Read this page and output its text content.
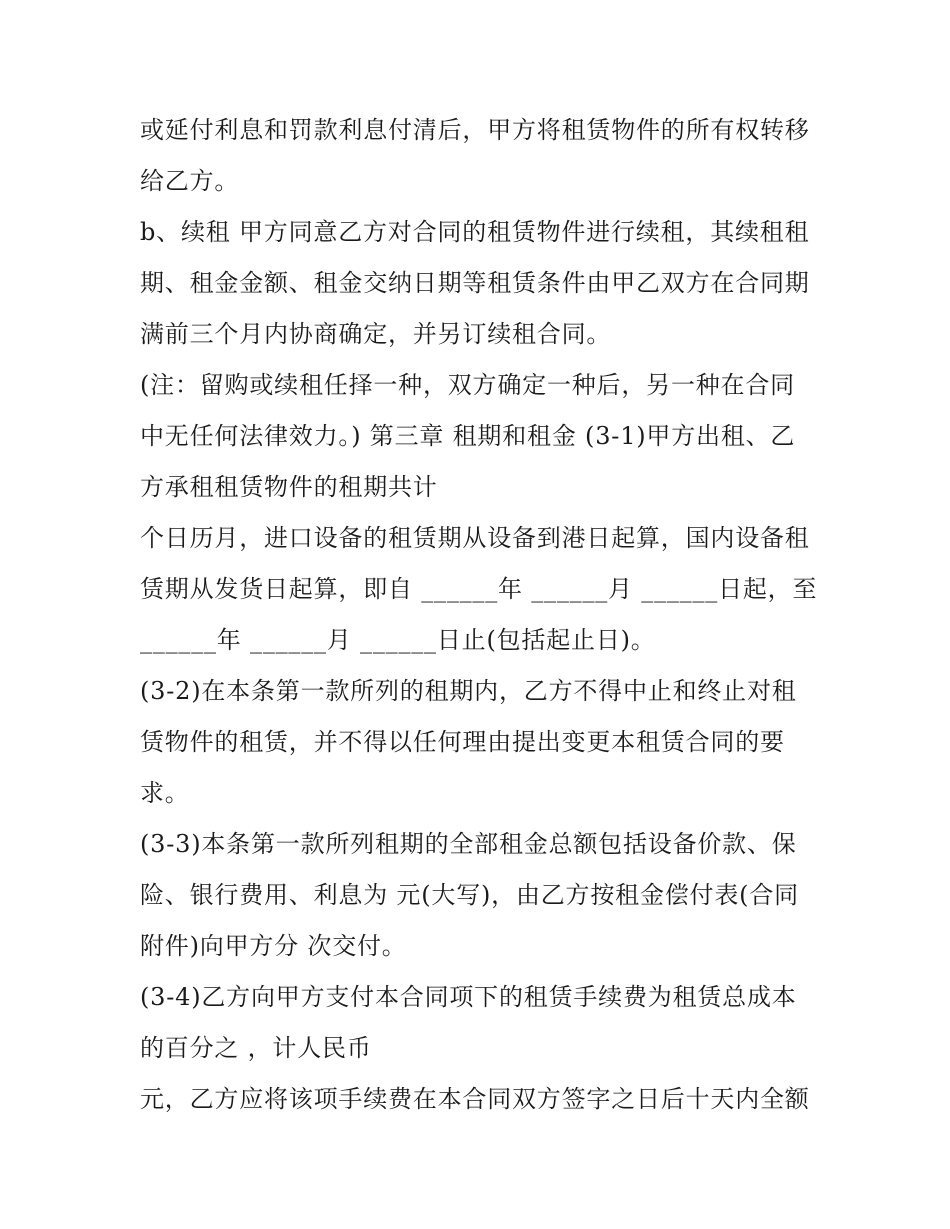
或延付利息和罚款利息付清后，甲方将租赁物件的所有权转移
给乙方。
b、续租 甲方同意乙方对合同的租赁物件进行续租，其续租租
期、租金金额、租金交纳日期等租赁条件由甲乙双方在合同期
满前三个月内协商确定，并另订续租合同。
(注：留购或续租任择一种，双方确定一种后，另一种在合同
中无任何法律效力。) 第三章 租期和租金 (3-1)甲方出租、乙
方承租租赁物件的租期共计
个日历月，进口设备的租赁期从设备到港日起算，国内设备租
赁期从发货日起算，即自 ______年 ______月 ______日起，至
______年 ______月 ______日止(包括起止日)。
(3-2)在本条第一款所列的租期内，乙方不得中止和终止对租
赁物件的租赁，并不得以任何理由提出变更本租赁合同的要
求。
(3-3)本条第一款所列租期的全部租金总额包括设备价款、保
险、银行费用、利息为 元(大写)，由乙方按租金偿付表(合同
附件)向甲方分 次交付。
(3-4)乙方向甲方支付本合同项下的租赁手续费为租赁总成本
的百分之 ，计人民币
元，乙方应将该项手续费在本合同双方签字之日后十天内全额
